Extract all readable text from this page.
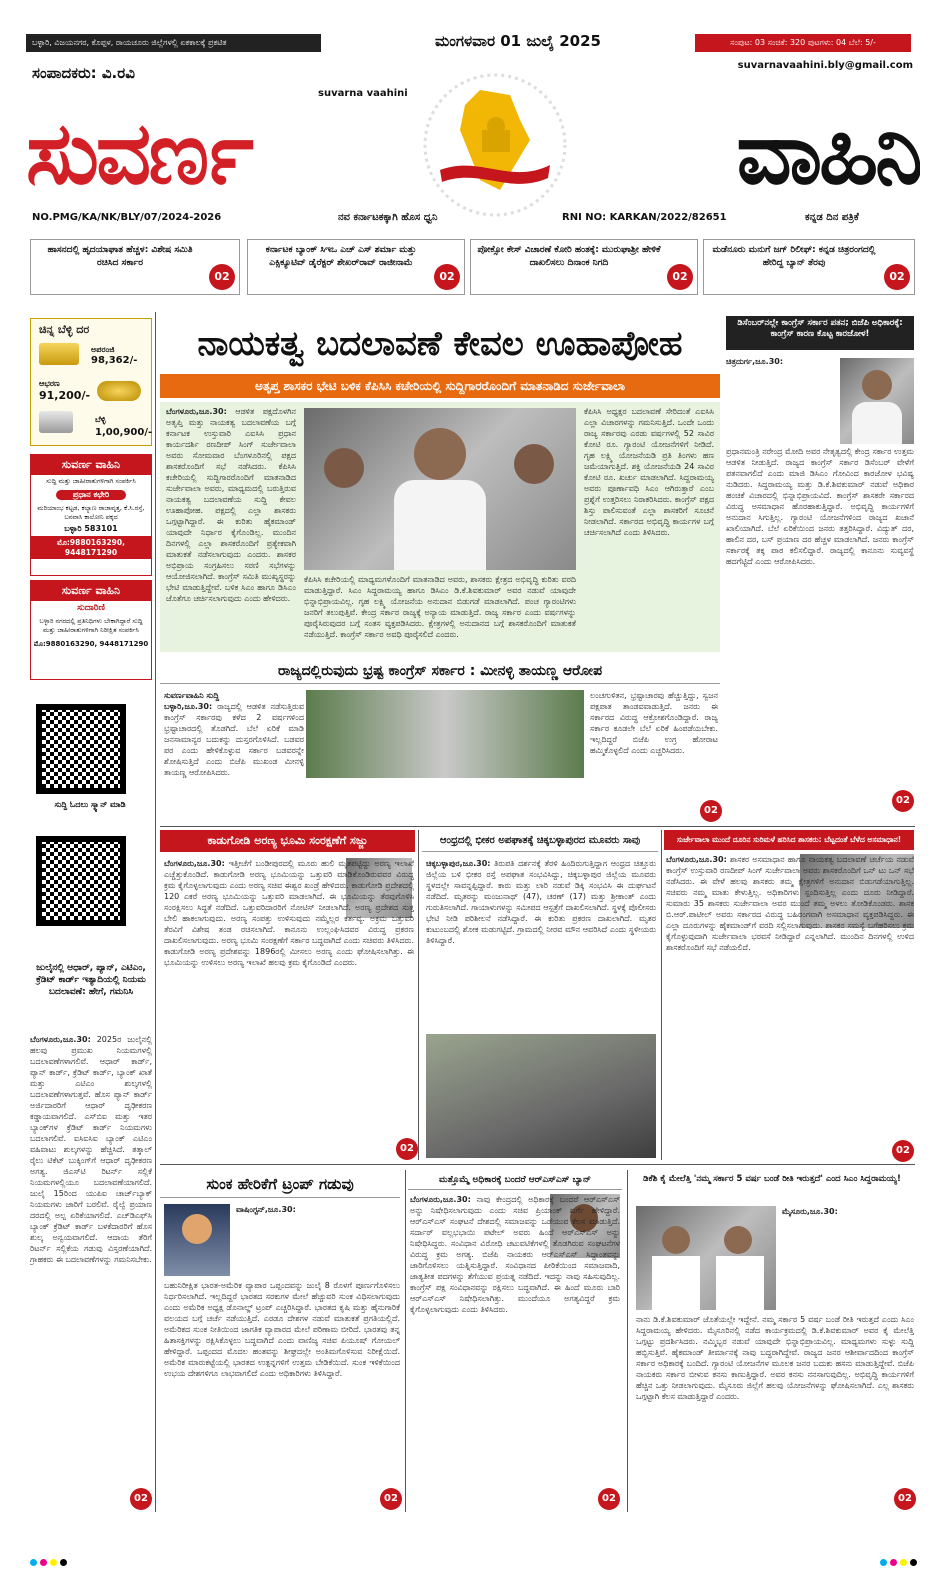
ಬಳ್ಳಾರಿ, ವಿಜಯನಗರ, ಕೊಪ್ಪಳ, ರಾಯಚೂರು ಜಿಲ್ಲೆಗಳಲ್ಲಿ ಏಕಕಾಲಕ್ಕೆ ಪ್ರಕಟಿತ	ಮಂಗಳವಾರ 01 ಜುಲೈ 2025	ಸಂಪುಟ: 03 ಸಂಚಿಕೆ: 320 ಪುಟಗಳು: 04 ಬೆಲೆ: 5/-
ಸಂಪಾದಕರು: ವಿ.ರವಿ	suvarnavaahini.bly@gmail.com
suvarna vaahini
ಸುವರ್ಣ	ವಾಹಿನಿ
NO.PMG/KA/NK/BLY/07/2024-2026	ನವ ಕರ್ನಾಟಕಕ್ಕಾಗಿ ಹೊಸ ಧ್ವನಿ	RNI NO: KARKAN/2022/82651	ಕನ್ನಡ ದಿನ ಪತ್ರಿಕೆ
ಹಾಸನದಲ್ಲಿ ಹೃದಯಾಘಾತ ಹೆಚ್ಚಳ: ವಿಶೇಷ ಸಮಿತಿ ರಚಿಸಿದ ಸರ್ಕಾರ
02
ಕರ್ನಾಟಕ ಬ್ಯಾಂಕ್ ಸಿಇಒ ಎಚ್ ಎಸ್ ಶರ್ಮಾ ಮತ್ತು ಎಕ್ಸಿಕ್ಯೂಟಿವ್ ಡೈರೆಕ್ಟರ್ ಶೇಖರ್‌ರಾವ್ ರಾಜೀನಾಮೆ
02
ಪೋಕ್ಸೋ ಕೇಸ್ ವಿಚಾರಣೆ ಕೋರಿ ಹಂತಕ್ಕೆ: ಮುರುಘಾಶ್ರೀ ಹೇಳಿಕೆ ದಾಖಲಿಸಲು ದಿನಾಂಕ ನಿಗದಿ
02
ಮಡೆನೂರು ಮನುಗೆ ಜಗ್ ರಿಲೀಫ್: ಕನ್ನಡ ಚಿತ್ರರಂಗದಲ್ಲಿ ಹೇರಿದ್ದ ಬ್ಯಾನ್ ತೆರವು
02
ಚಿನ್ನ ಬೆಳ್ಳಿ ದರ
ಅಪರಂಜಿ
98,362/-
ಆಭರಣ
91,200/-
ಬೆಳ್ಳಿ
1,00,900/-
ಸುವರ್ಣ ವಾಹಿನಿ
ಸುದ್ದಿ ಮತ್ತು ಜಾಹೀರಾತುಗಳಿಗಾಗಿ ಸಂಪರ್ಕಿಸಿ
ಪ್ರಧಾನ ಕಛೇರಿ
ಮರಿಯಾಂಭ ಕಟ್ಟಡ, ಕಲ್ಯಾಣ ರಾಜಾವೃತ್ತ, ಕೆ.ಸಿ.ರಸ್ತೆ, ಬನವಾಸಿ ಕಾಲೋನಿ ಪಕ್ಕದ
ಬಳ್ಳಾರಿ 583101
ಮೊ:9880163290, 9448171290
ಸುವರ್ಣ ವಾಹಿನಿ
ಸುದಾರಿಣಿ
ಬಳ್ಳಾರಿ ನಗರದಲ್ಲಿ ಪ್ರತಿನಿಧಿಗಳು ಬೇಕಾಗಿದ್ದಾರೆ ಸುದ್ದಿ ಮತ್ತು ಜಾಹೀರಾತುಗಳಿಗಾಗಿ ನಿರೀಕ್ಷಿತ ಸಂಪರ್ಕಿಸಿ
ಮೊ:9880163290, 9448171290
ಸುದ್ದಿ ಓದಲು ಸ್ಕ್ಯಾನ್ ಮಾಡಿ
ಜುಲೈನಲ್ಲಿ ಆಧಾರ್, ಪ್ಯಾನ್, ಎಟಿಎಂ, ಕ್ರೆಡಿಟ್ ಕಾರ್ಡ್ ಇತ್ಯಾದಿಯಲ್ಲಿ ನಿಯಮ ಬದಲಾವಣೆ: ಹೇಗೆ, ಗಮನಿಸಿ
ಬೆಂಗಳೂರು,ಜೂ.30: 2025ರ ಜುಲೈನಲ್ಲಿ ಹಲವು ಪ್ರಮುಖ ನಿಯಮಗಳಲ್ಲಿ ಬದಲಾವಣೆಗಳಾಗಲಿವೆ. ಆಧಾರ್ ಕಾರ್ಡ್, ಪ್ಯಾನ್ ಕಾರ್ಡ್, ಕ್ರೆಡಿಟ್ ಕಾರ್ಡ್, ಬ್ಯಾಂಕ್ ಖಾತೆ ಮತ್ತು ಎಟಿಎಂ ಶುಲ್ಕಗಳಲ್ಲಿ ಬದಲಾವಣೆಗಳಾಗುತ್ತವೆ. ಹೊಸ ಪ್ಯಾನ್ ಕಾರ್ಡ್ ಅರ್ಜಿದಾರರಿಗೆ ಆಧಾರ್ ದೃಢೀಕರಣ ಕಡ್ಡಾಯವಾಗಲಿದೆ. ಎಸ್‌ಬಿಐ ಮತ್ತು ಇತರ ಬ್ಯಾಂಕ್‌ಗಳ ಕ್ರೆಡಿಟ್ ಕಾರ್ಡ್ ನಿಯಮಗಳು ಬದಲಾಗಲಿವೆ. ಐಸಿಐಸಿಐ ಬ್ಯಾಂಕ್ ಎಟಿಎಂ ವಹಿವಾಟು ಶುಲ್ಕಗಳನ್ನು ಹೆಚ್ಚಿಸಿದೆ. ತತ್ಕಾಲ್ ರೈಲು ಟಿಕೆಟ್ ಬುಕ್ಕಿಂಗ್‌ಗೆ ಆಧಾರ್ ದೃಢೀಕರಣ ಅಗತ್ಯ. ಜಿಎಸ್‌ಟಿ ರಿಟರ್ನ್ ಸಲ್ಲಿಕೆ ನಿಯಮಗಳಲ್ಲಿಯೂ ಬದಲಾವಣೆಯಾಗಲಿದೆ. ಜುಲೈ 15ರಿಂದ ಯುಪಿಐ ಚಾರ್ಜ್‌ಬ್ಯಾಕ್ ನಿಯಮಗಳು ಜಾರಿಗೆ ಬರಲಿವೆ. ರೈಲ್ವೆ ಪ್ರಯಾಣ ದರದಲ್ಲಿ ಅಲ್ಪ ಏರಿಕೆಯಾಗಲಿದೆ. ಎಚ್‌ಡಿಎಫ್‌ಸಿ ಬ್ಯಾಂಕ್ ಕ್ರೆಡಿಟ್ ಕಾರ್ಡ್ ಬಳಕೆದಾರರಿಗೆ ಹೊಸ ಶುಲ್ಕ ಅನ್ವಯವಾಗಲಿದೆ. ಆದಾಯ ತೆರಿಗೆ ರಿಟರ್ನ್ ಸಲ್ಲಿಕೆಯ ಗಡುವು ವಿಸ್ತರಣೆಯಾಗಿದೆ. ಗ್ರಾಹಕರು ಈ ಬದಲಾವಣೆಗಳನ್ನು ಗಮನಿಸಬೇಕು.
02
ನಾಯಕತ್ವ ಬದಲಾವಣೆ ಕೇವಲ ಊಹಾಪೋಹ
ಅತೃಪ್ತ ಶಾಸಕರ ಭೇಟಿ ಬಳಿಕ ಕೆಪಿಸಿಸಿ ಕಚೇರಿಯಲ್ಲಿ ಸುದ್ದಿಗಾರರೊಂದಿಗೆ ಮಾತನಾಡಿದ ಸುರ್ಜೇವಾಲಾ
ಬೆಂಗಳೂರು,ಜೂ.30: ಆಡಳಿತ ಪಕ್ಷದೊಳಗಿನ ಅತೃಪ್ತಿ ಮತ್ತು ನಾಯಕತ್ವ ಬದಲಾವಣೆಯ ಬಗ್ಗೆ ಕರ್ನಾಟಕ ಉಸ್ತುವಾರಿ ಎಐಸಿಸಿ ಪ್ರಧಾನ ಕಾರ್ಯದರ್ಶಿ ರಣದೀಪ್ ಸಿಂಗ್ ಸುರ್ಜೇವಾಲಾ ಅವರು ಸೋಮವಾರ ಬೆಂಗಳೂರಿನಲ್ಲಿ ಪಕ್ಷದ ಶಾಸಕರೊಂದಿಗೆ ಸಭೆ ನಡೆಸಿದರು. ಕೆಪಿಸಿಸಿ ಕಚೇರಿಯಲ್ಲಿ ಸುದ್ದಿಗಾರರೊಂದಿಗೆ ಮಾತನಾಡಿದ ಸುರ್ಜೇವಾಲಾ ಅವರು, ಮಾಧ್ಯಮದಲ್ಲಿ ಬರುತ್ತಿರುವ ನಾಯಕತ್ವ ಬದಲಾವಣೆಯ ಸುದ್ದಿ ಕೇವಲ ಊಹಾಪೋಹ. ಪಕ್ಷದಲ್ಲಿ ಎಲ್ಲಾ ಶಾಸಕರು ಒಗ್ಗಟ್ಟಾಗಿದ್ದಾರೆ. ಈ ಕುರಿತು ಹೈಕಮಾಂಡ್ ಯಾವುದೇ ನಿರ್ಧಾರ ಕೈಗೊಂಡಿಲ್ಲ. ಮುಂದಿನ ದಿನಗಳಲ್ಲಿ ಎಲ್ಲಾ ಶಾಸಕರೊಂದಿಗೆ ಪ್ರತ್ಯೇಕವಾಗಿ ಮಾತುಕತೆ ನಡೆಸಲಾಗುವುದು ಎಂದರು. ಶಾಸಕರ ಅಭಿಪ್ರಾಯ ಸಂಗ್ರಹಿಸಲು ಸರಣಿ ಸಭೆಗಳನ್ನು ಆಯೋಜಿಸಲಾಗಿದೆ. ಕಾಂಗ್ರೆಸ್ ಸಮಿತಿ ಮುಖ್ಯಸ್ಥರನ್ನು ಭೇಟಿ ಮಾಡುತ್ತಿದ್ದೇವೆ. ಬಳಿಕ ಸಿಎಂ ಹಾಗೂ ಡಿಸಿಎಂ ಜೊತೆಗೂ ಚರ್ಚಿಸಲಾಗುವುದು ಎಂದು ಹೇಳಿದರು.
ಕೆಪಿಸಿಸಿ ಕಚೇರಿಯಲ್ಲಿ ಮಾಧ್ಯಮಗಳೊಂದಿಗೆ ಮಾತನಾಡಿದ ಅವರು, ಶಾಸಕರು ಕ್ಷೇತ್ರದ ಅಭಿವೃದ್ಧಿ ಕುರಿತು ವರದಿ ಮಾಡುತ್ತಿದ್ದಾರೆ. ಸಿಎಂ ಸಿದ್ದರಾಮಯ್ಯ ಹಾಗೂ ಡಿಸಿಎಂ ಡಿ.ಕೆ.ಶಿವಕುಮಾರ್ ಅವರ ನಡುವೆ ಯಾವುದೇ ಭಿನ್ನಾಭಿಪ್ರಾಯವಿಲ್ಲ. ಗೃಹ ಲಕ್ಷ್ಮಿ ಯೋಜನೆಯ ಅನುದಾನ ಬಿಡುಗಡೆ ಮಾಡಲಾಗಿದೆ. ಪಂಚ ಗ್ಯಾರಂಟಿಗಳು ಜನರಿಗೆ ತಲುಪುತ್ತಿವೆ. ಕೇಂದ್ರ ಸರ್ಕಾರ ರಾಜ್ಯಕ್ಕೆ ಅನ್ಯಾಯ ಮಾಡುತ್ತಿದೆ. ರಾಜ್ಯ ಸರ್ಕಾರ ಎಂದು ವರ್ಷಗಳನ್ನು ಪೂರೈಸಿರುವುದರ ಬಗ್ಗೆ ಸಂತಸ ವ್ಯಕ್ತಪಡಿಸಿದರು. ಕ್ಷೇತ್ರಗಳಲ್ಲಿ ಅನುದಾನದ ಬಗ್ಗೆ ಶಾಸಕರೊಂದಿಗೆ ಮಾತುಕತೆ ನಡೆಯುತ್ತಿದೆ. ಕಾಂಗ್ರೆಸ್ ಸರ್ಕಾರ ಅವಧಿ ಪೂರೈಸಲಿದೆ ಎಂದರು.
ಕೆಪಿಸಿಸಿ ಅಧ್ಯಕ್ಷರ ಬದಲಾವಣೆ ಸೇರಿದಂತೆ ಎಐಸಿಸಿ ಎಲ್ಲಾ ವಿಚಾರಗಳನ್ನು ಗಮನಿಸುತ್ತಿದೆ. ಒಂದೇ ಒಂದು ರಾಜ್ಯ ಸರ್ಕಾರವು ಎರಡು ವರ್ಷಗಳಲ್ಲಿ 52 ಸಾವಿರ ಕೋಟಿ ರೂ. ಗ್ಯಾರಂಟಿ ಯೋಜನೆಗಳಿಗೆ ನೀಡಿದೆ. ಗೃಹ ಲಕ್ಷ್ಮಿ ಯೋಜನೆಯಡಿ ಪ್ರತಿ ತಿಂಗಳು ಹಣ ಜಮೆಯಾಗುತ್ತಿದೆ. ಶಕ್ತಿ ಯೋಜನೆಯಡಿ 24 ಸಾವಿರ ಕೋಟಿ ರೂ. ಖರ್ಚು ಮಾಡಲಾಗಿದೆ. ಸಿದ್ದರಾಮಯ್ಯ ಅವರು ಪೂರ್ಣಾವಧಿ ಸಿಎಂ ಆಗಿರುತ್ತಾರೆ ಎಂಬ ಪ್ರಶ್ನೆಗೆ ಉತ್ತರಿಸಲು ನಿರಾಕರಿಸಿದರು. ಕಾಂಗ್ರೆಸ್ ಪಕ್ಷದ ಶಿಸ್ತು ಪಾಲಿಸುವಂತೆ ಎಲ್ಲಾ ಶಾಸಕರಿಗೆ ಸೂಚನೆ ನೀಡಲಾಗಿದೆ. ಸರ್ಕಾರದ ಅಭಿವೃದ್ಧಿ ಕಾರ್ಯಗಳ ಬಗ್ಗೆ ಚರ್ಚಿಸಲಾಗಿದೆ ಎಂದು ತಿಳಿಸಿದರು.
ಡಿಸೆಂಬರ್‌ನಲ್ಲೇ ಕಾಂಗ್ರೆಸ್ ಸರ್ಕಾರ ಪತನ; ಬಿಜೆಪಿ ಅಧಿಕಾರಕ್ಕೆ: ಕಾಂಗ್ರೆಸ್ ಕಾರಣ ಕೊಟ್ಟ ಕಾರಜೋಳ!
ಚಿತ್ರದುರ್ಗ,ಜೂ.30:
ಪ್ರಧಾನಮಂತ್ರಿ ನರೇಂದ್ರ ಮೋದಿ ಅವರ ನೇತೃತ್ವದಲ್ಲಿ ಕೇಂದ್ರ ಸರ್ಕಾರ ಉತ್ತಮ ಆಡಳಿತ ನೀಡುತ್ತಿದೆ. ರಾಜ್ಯದ ಕಾಂಗ್ರೆಸ್ ಸರ್ಕಾರ ಡಿಸೆಂಬರ್ ವೇಳೆಗೆ ಪತನವಾಗಲಿದೆ ಎಂದು ಮಾಜಿ ಡಿಸಿಎಂ ಗೋವಿಂದ ಕಾರಜೋಳ ಭವಿಷ್ಯ ನುಡಿದರು. ಸಿದ್ದರಾಮಯ್ಯ ಮತ್ತು ಡಿ.ಕೆ.ಶಿವಕುಮಾರ್ ನಡುವೆ ಅಧಿಕಾರ ಹಂಚಿಕೆ ವಿಚಾರದಲ್ಲಿ ಭಿನ್ನಾಭಿಪ್ರಾಯವಿದೆ. ಕಾಂಗ್ರೆಸ್ ಶಾಸಕರೇ ಸರ್ಕಾರದ ವಿರುದ್ಧ ಅಸಮಾಧಾನ ಹೊರಹಾಕುತ್ತಿದ್ದಾರೆ. ಅಭಿವೃದ್ಧಿ ಕಾರ್ಯಗಳಿಗೆ ಅನುದಾನ ಸಿಗುತ್ತಿಲ್ಲ. ಗ್ಯಾರಂಟಿ ಯೋಜನೆಗಳಿಂದ ರಾಜ್ಯದ ಖಜಾನೆ ಖಾಲಿಯಾಗಿದೆ. ಬೆಲೆ ಏರಿಕೆಯಿಂದ ಜನರು ತತ್ತರಿಸಿದ್ದಾರೆ. ವಿದ್ಯುತ್ ದರ, ಹಾಲಿನ ದರ, ಬಸ್ ಪ್ರಯಾಣ ದರ ಹೆಚ್ಚಳ ಮಾಡಲಾಗಿದೆ. ಜನರು ಕಾಂಗ್ರೆಸ್ ಸರ್ಕಾರಕ್ಕೆ ತಕ್ಕ ಪಾಠ ಕಲಿಸಲಿದ್ದಾರೆ. ರಾಜ್ಯದಲ್ಲಿ ಕಾನೂನು ಸುವ್ಯವಸ್ಥೆ ಹದಗೆಟ್ಟಿದೆ ಎಂದು ಆರೋಪಿಸಿದರು.
02
ರಾಜ್ಯದಲ್ಲಿರುವುದು ಭ್ರಷ್ಟ ಕಾಂಗ್ರೆಸ್ ಸರ್ಕಾರ : ಮೀನಳ್ಳಿ ತಾಯಣ್ಣ ಆರೋಪ
ಸುವರ್ಣವಾಹಿನಿ ಸುದ್ದಿ
ಬಳ್ಳಾರಿ,ಜೂ.30: ರಾಜ್ಯದಲ್ಲಿ ಆಡಳಿತ ನಡೆಸುತ್ತಿರುವ ಕಾಂಗ್ರೆಸ್ ಸರ್ಕಾರವು ಕಳೆದ 2 ವರ್ಷಗಳಿಂದ ಭ್ರಷ್ಟಾಚಾರದಲ್ಲಿ ತೊಡಗಿದೆ. ಬೆಲೆ ಏರಿಕೆ ಮಾಡಿ ಜನಸಾಮಾನ್ಯರ ಬದುಕನ್ನು ದುಸ್ತರಗೊಳಿಸಿದೆ. ಬಡವರ ಪರ ಎಂದು ಹೇಳಿಕೊಳ್ಳುವ ಸರ್ಕಾರ ಬಡವರನ್ನೇ ಶೋಷಿಸುತ್ತಿದೆ ಎಂದು ಬಿಜೆಪಿ ಮುಖಂಡ ಮೀನಳ್ಳಿ ತಾಯಣ್ಣ ಆರೋಪಿಸಿದರು.
ಲಂಚಗುಳಿತನ, ಭ್ರಷ್ಟಾಚಾರವು ಹೆಚ್ಚುತ್ತಿದ್ದು, ಸ್ವಜನ ಪಕ್ಷಪಾತ ತಾಂಡವವಾಡುತ್ತಿದೆ. ಜನರು ಈ ಸರ್ಕಾರದ ವಿರುದ್ಧ ಆಕ್ರೋಶಗೊಂಡಿದ್ದಾರೆ. ರಾಜ್ಯ ಸರ್ಕಾರ ಕೂಡಲೇ ಬೆಲೆ ಏರಿಕೆ ಹಿಂಪಡೆಯಬೇಕು. ಇಲ್ಲದಿದ್ದರೆ ಬಿಜೆಪಿ ಉಗ್ರ ಹೋರಾಟ ಹಮ್ಮಿಕೊಳ್ಳಲಿದೆ ಎಂದು ಎಚ್ಚರಿಸಿದರು.
02
ಕಾಡುಗೋಡಿ ಅರಣ್ಯ ಭೂಮಿ ಸಂರಕ್ಷಣೆಗೆ ಸಜ್ಜು
ಬೆಂಗಳೂರು,ಜೂ.30: ಇತ್ತೀಚೆಗೆ ಬಂಡೀಪುರದಲ್ಲಿ ಮೂರು ಹುಲಿ ಮೃತಪಟ್ಟಿದ್ದು ಅರಣ್ಯ ಇಲಾಖೆ ಎಚ್ಚೆತ್ತುಕೊಂಡಿದೆ. ಕಾಡುಗೋಡಿ ಅರಣ್ಯ ಭೂಮಿಯನ್ನು ಒತ್ತುವರಿ ಮಾಡಿಕೊಂಡಿರುವವರ ವಿರುದ್ಧ ಕ್ರಮ ಕೈಗೊಳ್ಳಲಾಗುವುದು ಎಂದು ಅರಣ್ಯ ಸಚಿವ ಈಶ್ವರ ಖಂಡ್ರೆ ಹೇಳಿದರು. ಕಾಡುಗೋಡಿ ಪ್ರದೇಶದಲ್ಲಿ 120 ಎಕರೆ ಅರಣ್ಯ ಭೂಮಿಯನ್ನು ಒತ್ತುವರಿ ಮಾಡಲಾಗಿದೆ. ಈ ಭೂಮಿಯನ್ನು ತೆರವುಗೊಳಿಸಿ ಸಂರಕ್ಷಿಸಲು ಸಿದ್ಧತೆ ನಡೆದಿದೆ. ಒತ್ತುವರಿದಾರರಿಗೆ ನೋಟಿಸ್ ನೀಡಲಾಗಿದೆ. ಅರಣ್ಯ ಪ್ರದೇಶದ ಸುತ್ತ ಬೇಲಿ ಹಾಕಲಾಗುವುದು. ಅರಣ್ಯ ಸಂಪತ್ತು ಉಳಿಸುವುದು ನಮ್ಮೆಲ್ಲರ ಕರ್ತವ್ಯ. ಅಕ್ರಮ ಒತ್ತುವರಿ ತೆರವಿಗೆ ವಿಶೇಷ ತಂಡ ರಚಿಸಲಾಗಿದೆ. ಕಾನೂನು ಉಲ್ಲಂಘಿಸಿದವರ ವಿರುದ್ಧ ಪ್ರಕರಣ ದಾಖಲಿಸಲಾಗುವುದು. ಅರಣ್ಯ ಭೂಮಿ ಸಂರಕ್ಷಣೆಗೆ ಸರ್ಕಾರ ಬದ್ಧವಾಗಿದೆ ಎಂದು ಸಚಿವರು ತಿಳಿಸಿದರು. ಕಾಡುಗೋಡಿ ಅರಣ್ಯ ಪ್ರದೇಶವನ್ನು 1896ರಲ್ಲಿ ಮೀಸಲು ಅರಣ್ಯ ಎಂದು ಘೋಷಿಸಲಾಗಿತ್ತು. ಈ ಭೂಮಿಯನ್ನು ಉಳಿಸಲು ಅರಣ್ಯ ಇಲಾಖೆ ಹಲವು ಕ್ರಮ ಕೈಗೊಂಡಿದೆ ಎಂದರು.
02
ಆಂಧ್ರದಲ್ಲಿ ಭೀಕರ ಅಪಘಾತಕ್ಕೆ ಚಿಕ್ಕಬಳ್ಳಾಪುರದ ಮೂವರು ಸಾವು
ಚಿಕ್ಕಬಳ್ಳಾಪುರ,ಜೂ.30: ತಿರುಪತಿ ದರ್ಶನಕ್ಕೆ ತೆರಳಿ ಹಿಂದಿರುಗುತ್ತಿದ್ದಾಗ ಆಂಧ್ರದ ಚಿತ್ತೂರು ಜಿಲ್ಲೆಯ ಬಳಿ ಭೀಕರ ರಸ್ತೆ ಅಪಘಾತ ಸಂಭವಿಸಿದ್ದು, ಚಿಕ್ಕಬಳ್ಳಾಪುರ ಜಿಲ್ಲೆಯ ಮೂವರು ಸ್ಥಳದಲ್ಲೇ ಸಾವನ್ನಪ್ಪಿದ್ದಾರೆ. ಕಾರು ಮತ್ತು ಲಾರಿ ನಡುವೆ ಡಿಕ್ಕಿ ಸಂಭವಿಸಿ ಈ ದುರ್ಘಟನೆ ನಡೆದಿದೆ. ಮೃತರನ್ನು ಮಂಜುನಾಥ್ (47), ಚರಣ್ (17) ಮತ್ತು ಶ್ರೀಕಾಂತ್ ಎಂದು ಗುರುತಿಸಲಾಗಿದೆ. ಗಾಯಾಳುಗಳನ್ನು ಸಮೀಪದ ಆಸ್ಪತ್ರೆಗೆ ದಾಖಲಿಸಲಾಗಿದೆ. ಸ್ಥಳಕ್ಕೆ ಪೊಲೀಸರು ಭೇಟಿ ನೀಡಿ ಪರಿಶೀಲನೆ ನಡೆಸಿದ್ದಾರೆ. ಈ ಕುರಿತು ಪ್ರಕರಣ ದಾಖಲಾಗಿದೆ. ಮೃತರ ಕುಟುಂಬದಲ್ಲಿ ಶೋಕ ಮಡುಗಟ್ಟಿದೆ. ಗ್ರಾಮದಲ್ಲಿ ನೀರವ ಮೌನ ಆವರಿಸಿದೆ ಎಂದು ಸ್ಥಳೀಯರು ತಿಳಿಸಿದ್ದಾರೆ.
ಸುರ್ಜೇವಾಲಾ ಮುಂದೆ ದೂರಿನ ಸುರಿಮಳೆ ಹರಿಸಿದ ಶಾಸಕರು: ಬೆಟ್ಟದಂತೆ ಬೆಳೆದ ಅಸಮಾಧಾನ!
ಬೆಂಗಳೂರು,ಜೂ.30: ಶಾಸಕರ ಅಸಮಾಧಾನ ಹಾಗೂ ನಾಯಕತ್ವ ಬದಲಾವಣೆ ಚರ್ಚೆಯ ನಡುವೆ ಕಾಂಗ್ರೆಸ್ ಉಸ್ತುವಾರಿ ರಣದೀಪ್ ಸಿಂಗ್ ಸುರ್ಜೇವಾಲಾ ಅವರು ಶಾಸಕರೊಂದಿಗೆ ಒನ್ ಟು ಒನ್ ಸಭೆ ನಡೆಸಿದರು. ಈ ವೇಳೆ ಹಲವು ಶಾಸಕರು ತಮ್ಮ ಕ್ಷೇತ್ರಗಳಿಗೆ ಅನುದಾನ ಬಿಡುಗಡೆಯಾಗುತ್ತಿಲ್ಲ. ಸಚಿವರು ನಮ್ಮ ಮಾತು ಕೇಳುತ್ತಿಲ್ಲ. ಅಧಿಕಾರಿಗಳು ಸ್ಪಂದಿಸುತ್ತಿಲ್ಲ ಎಂದು ದೂರು ನೀಡಿದ್ದಾರೆ. ಸುಮಾರು 35 ಶಾಸಕರು ಸುರ್ಜೇವಾಲಾ ಅವರ ಮುಂದೆ ತಮ್ಮ ಅಳಲು ತೋಡಿಕೊಂಡರು. ಶಾಸಕ ಬಿ.ಆರ್.ಪಾಟೀಲ್ ಅವರು ಸರ್ಕಾರದ ವಿರುದ್ಧ ಬಹಿರಂಗವಾಗಿ ಅಸಮಾಧಾನ ವ್ಯಕ್ತಪಡಿಸಿದ್ದರು. ಈ ಎಲ್ಲಾ ದೂರುಗಳನ್ನು ಹೈಕಮಾಂಡ್‌ಗೆ ವರದಿ ಸಲ್ಲಿಸಲಾಗುವುದು. ಶಾಸಕರ ಸಮಸ್ಯೆ ಬಗೆಹರಿಸಲು ಕ್ರಮ ಕೈಗೊಳ್ಳುವುದಾಗಿ ಸುರ್ಜೇವಾಲಾ ಭರವಸೆ ನೀಡಿದ್ದಾರೆ ಎನ್ನಲಾಗಿದೆ. ಮುಂದಿನ ದಿನಗಳಲ್ಲಿ ಉಳಿದ ಶಾಸಕರೊಂದಿಗೆ ಸಭೆ ನಡೆಯಲಿದೆ.
02
ಸುಂಕ ಹೇರಿಕೆಗೆ ಟ್ರಂಪ್ ಗಡುವು
ವಾಷಿಂಗ್ಟನ್,ಜೂ.30:
ಬಹುನಿರೀಕ್ಷಿತ ಭಾರತ-ಅಮೆರಿಕ ವ್ಯಾಪಾರ ಒಪ್ಪಂದವನ್ನು ಜುಲೈ 8 ರೊಳಗೆ ಪೂರ್ಣಗೊಳಿಸಲು ನಿರ್ಧರಿಸಲಾಗಿದೆ. ಇಲ್ಲದಿದ್ದರೆ ಭಾರತದ ಸರಕುಗಳ ಮೇಲೆ ಹೆಚ್ಚುವರಿ ಸುಂಕ ವಿಧಿಸಲಾಗುವುದು ಎಂದು ಅಮೆರಿಕ ಅಧ್ಯಕ್ಷ ಡೊನಾಲ್ಡ್ ಟ್ರಂಪ್ ಎಚ್ಚರಿಸಿದ್ದಾರೆ. ಭಾರತದ ಕೃಷಿ ಮತ್ತು ಹೈನುಗಾರಿಕೆ ವಲಯದ ಬಗ್ಗೆ ಚರ್ಚೆ ನಡೆಯುತ್ತಿದೆ. ಎರಡೂ ದೇಶಗಳ ನಡುವೆ ಮಾತುಕತೆ ಪ್ರಗತಿಯಲ್ಲಿದೆ. ಅಮೆರಿಕದ ಸುಂಕ ನೀತಿಯಿಂದ ಜಾಗತಿಕ ವ್ಯಾಪಾರದ ಮೇಲೆ ಪರಿಣಾಮ ಬೀರಿದೆ. ಭಾರತವು ತನ್ನ ಹಿತಾಸಕ್ತಿಗಳನ್ನು ರಕ್ಷಿಸಿಕೊಳ್ಳಲು ಬದ್ಧವಾಗಿದೆ ಎಂದು ವಾಣಿಜ್ಯ ಸಚಿವ ಪಿಯೂಷ್ ಗೋಯಲ್ ಹೇಳಿದ್ದಾರೆ. ಒಪ್ಪಂದದ ಮೊದಲ ಹಂತವನ್ನು ಶೀಘ್ರದಲ್ಲೇ ಅಂತಿಮಗೊಳಿಸುವ ನಿರೀಕ್ಷೆಯಿದೆ. ಅಮೆರಿಕ ಮಾರುಕಟ್ಟೆಯಲ್ಲಿ ಭಾರತದ ಉತ್ಪನ್ನಗಳಿಗೆ ಉತ್ತಮ ಬೇಡಿಕೆಯಿದೆ. ಸುಂಕ ಇಳಿಕೆಯಿಂದ ಉಭಯ ದೇಶಗಳಿಗೂ ಲಾಭವಾಗಲಿದೆ ಎಂದು ಅಧಿಕಾರಿಗಳು ತಿಳಿಸಿದ್ದಾರೆ.
02
ಮತ್ತೊಮ್ಮೆ ಅಧಿಕಾರಕ್ಕೆ ಬಂದರೆ ಆರ್‌ಎಸ್‌ಎಸ್ ಬ್ಯಾನ್
ಬೆಂಗಳೂರು,ಜೂ.30: ನಾವು ಕೇಂದ್ರದಲ್ಲಿ ಅಧಿಕಾರಕ್ಕೆ ಬಂದರೆ ಆರ್‌ಎಸ್‌ಎಸ್ ಅನ್ನು ನಿಷೇಧಿಸಲಾಗುವುದು ಎಂದು ಸಚಿವ ಪ್ರಿಯಾಂಕ್ ಖರ್ಗೆ ಹೇಳಿದ್ದಾರೆ. ಆರ್‌ಎಸ್‌ಎಸ್ ಸಂಘಟನೆ ದೇಶದಲ್ಲಿ ಸಮಾಜವನ್ನು ಒಡೆಯುವ ಕೆಲಸ ಮಾಡುತ್ತಿದೆ. ಸರ್ದಾರ್ ವಲ್ಲಭಭಾಯಿ ಪಟೇಲ್ ಅವರು ಹಿಂದೆ ಆರ್‌ಎಸ್‌ಎಸ್ ಅನ್ನು ನಿಷೇಧಿಸಿದ್ದರು. ಸಂವಿಧಾನ ವಿರೋಧಿ ಚಟುವಟಿಕೆಗಳಲ್ಲಿ ತೊಡಗಿರುವ ಸಂಘಟನೆಗಳ ವಿರುದ್ಧ ಕ್ರಮ ಅಗತ್ಯ. ಬಿಜೆಪಿ ನಾಯಕರು ಆರ್‌ಎಸ್‌ಎಸ್ ಸಿದ್ಧಾಂತವನ್ನು ಜಾರಿಗೊಳಿಸಲು ಯತ್ನಿಸುತ್ತಿದ್ದಾರೆ. ಸಂವಿಧಾನದ ಪೀಠಿಕೆಯಿಂದ ಸಮಾಜವಾದಿ, ಜಾತ್ಯತೀತ ಪದಗಳನ್ನು ತೆಗೆಯುವ ಪ್ರಯತ್ನ ನಡೆದಿದೆ. ಇದನ್ನು ನಾವು ಸಹಿಸುವುದಿಲ್ಲ. ಕಾಂಗ್ರೆಸ್ ಪಕ್ಷ ಸಂವಿಧಾನವನ್ನು ರಕ್ಷಿಸಲು ಬದ್ಧವಾಗಿದೆ. ಈ ಹಿಂದೆ ಮೂರು ಬಾರಿ ಆರ್‌ಎಸ್‌ಎಸ್ ನಿಷೇಧಿಸಲಾಗಿತ್ತು. ಮುಂದೆಯೂ ಅಗತ್ಯವಿದ್ದರೆ ಕ್ರಮ ಕೈಗೊಳ್ಳಲಾಗುವುದು ಎಂದು ತಿಳಿಸಿದರು.
02
ಡಿಕೆಶಿ ಕೈ ಮೇಲೆತ್ತಿ 'ನಮ್ಮ ಸರ್ಕಾರ 5 ವರ್ಷ ಬಂಡೆ ರೀತಿ ಇರುತ್ತದೆ' ಎಂದ ಸಿಎಂ ಸಿದ್ದರಾಮಯ್ಯ!
ಮೈಸೂರು,ಜೂ.30:
ನಾನು ಡಿ.ಕೆ.ಶಿವಕುಮಾರ್ ಜೊತೆಯಲ್ಲೇ ಇದ್ದೇನೆ. ನಮ್ಮ ಸರ್ಕಾರ 5 ವರ್ಷ ಬಂಡೆ ರೀತಿ ಇರುತ್ತದೆ ಎಂದು ಸಿಎಂ ಸಿದ್ದರಾಮಯ್ಯ ಹೇಳಿದರು. ಮೈಸೂರಿನಲ್ಲಿ ನಡೆದ ಕಾರ್ಯಕ್ರಮದಲ್ಲಿ ಡಿ.ಕೆ.ಶಿವಕುಮಾರ್ ಅವರ ಕೈ ಮೇಲೆತ್ತಿ ಒಗ್ಗಟ್ಟು ಪ್ರದರ್ಶಿಸಿದರು. ನಮ್ಮಿಬ್ಬರ ನಡುವೆ ಯಾವುದೇ ಭಿನ್ನಾಭಿಪ್ರಾಯವಿಲ್ಲ. ಮಾಧ್ಯಮಗಳು ಸುಳ್ಳು ಸುದ್ದಿ ಹಬ್ಬಿಸುತ್ತಿವೆ. ಹೈಕಮಾಂಡ್ ತೀರ್ಮಾನಕ್ಕೆ ನಾವು ಬದ್ಧರಾಗಿದ್ದೇವೆ. ರಾಜ್ಯದ ಜನರ ಆಶೀರ್ವಾದದಿಂದ ಕಾಂಗ್ರೆಸ್ ಸರ್ಕಾರ ಅಧಿಕಾರಕ್ಕೆ ಬಂದಿದೆ. ಗ್ಯಾರಂಟಿ ಯೋಜನೆಗಳ ಮೂಲಕ ಜನರ ಬದುಕು ಹಸನು ಮಾಡುತ್ತಿದ್ದೇವೆ. ಬಿಜೆಪಿ ನಾಯಕರು ಸರ್ಕಾರ ಬೀಳುವ ಕನಸು ಕಾಣುತ್ತಿದ್ದಾರೆ. ಅವರ ಕನಸು ನನಸಾಗುವುದಿಲ್ಲ. ಅಭಿವೃದ್ಧಿ ಕಾರ್ಯಗಳಿಗೆ ಹೆಚ್ಚಿನ ಒತ್ತು ನೀಡಲಾಗುವುದು. ಮೈಸೂರು ಜಿಲ್ಲೆಗೆ ಹಲವು ಯೋಜನೆಗಳನ್ನು ಘೋಷಿಸಲಾಗಿದೆ. ಎಲ್ಲ ಶಾಸಕರು ಒಗ್ಗಟ್ಟಾಗಿ ಕೆಲಸ ಮಾಡುತ್ತಿದ್ದಾರೆ ಎಂದರು.
02
